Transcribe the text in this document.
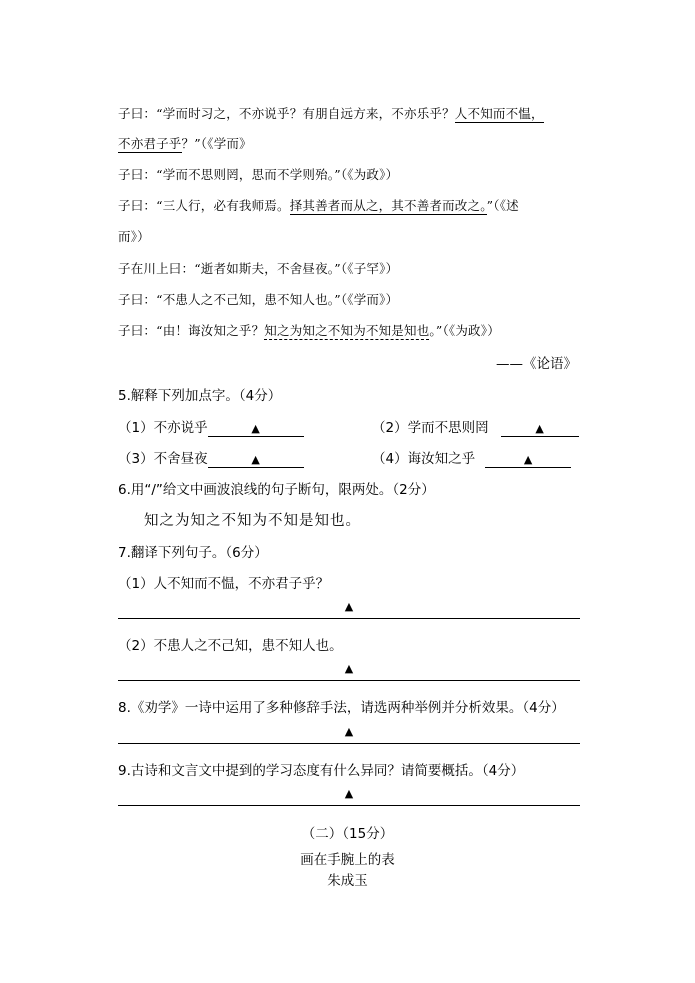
子曰：“学而时习之，不亦说乎？有朋自远方来，不亦乐乎？人不知而不愠，
不亦君子乎？”（《学而》
子曰：“学而不思则罔，思而不学则殆。”（《为政》）
子曰：“三人行，必有我师焉。择其善者而从之，其不善者而改之。”（《述
而》）
子在川上曰：“逝者如斯夫，不舍昼夜。”（《子罕》）
子曰：“不患人之不己知，患不知人也。”（《学而》）
子曰：“由！诲汝知之乎？知之为知之不知为不知是知也。”（《为政》）
——《论语》
5.解释下列加点字。（4分）
（1）不亦说乎	▲	（2）学而不思则罔	▲
（3）不舍昼夜	▲	（4）诲汝知之乎	▲
6.用“/”给文中画波浪线的句子断句，限两处。（2分）
知之为知之不知为不知是知也。
7.翻译下列句子。（6分）
（1）人不知而不愠，不亦君子乎？
▲
（2）不患人之不己知，患不知人也。
▲
8.《劝学》一诗中运用了多种修辞手法，请选两种举例并分析效果。（4分）
▲
9.古诗和文言文中提到的学习态度有什么异同？请简要概括。（4分）
▲
（二）（15分）
画在手腕上的表
朱成玉
